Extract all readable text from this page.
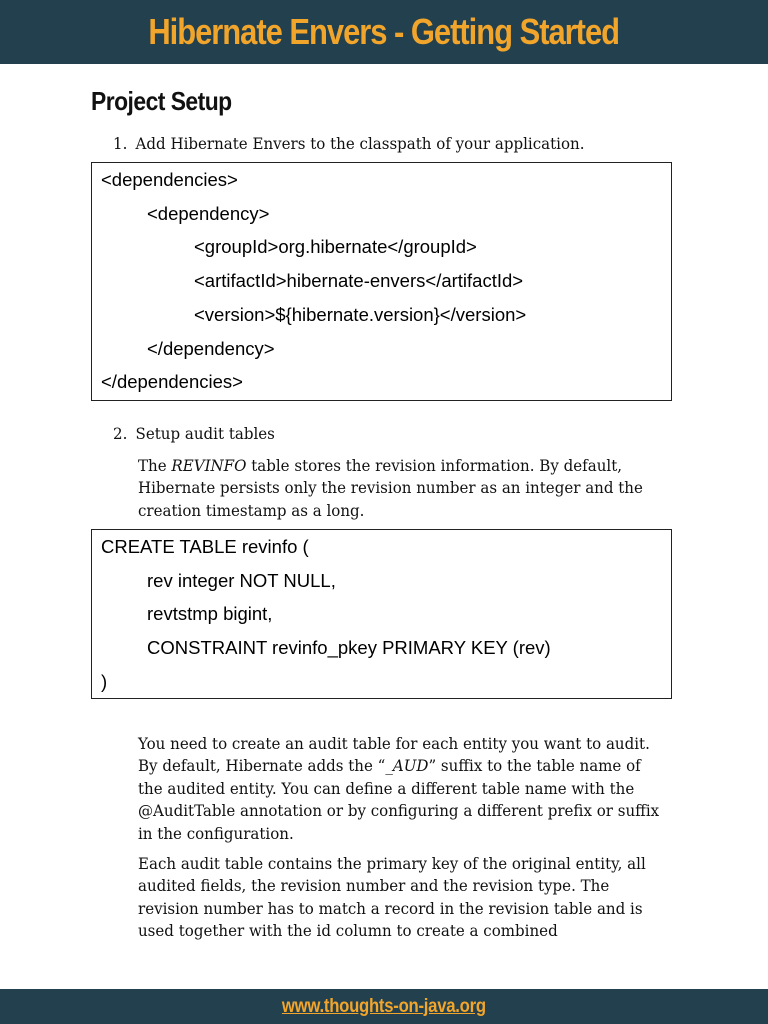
Hibernate Envers - Getting Started
Project Setup
1. Add Hibernate Envers to the classpath of your application.
<dependencies>
<dependency>
<groupId>org.hibernate</groupId>
<artifactId>hibernate-envers</artifactId>
<version>${hibernate.version}</version>
</dependency>
</dependencies>
2. Setup audit tables

The REVINFO table stores the revision information. By default, Hibernate persists only the revision number as an integer and the creation timestamp as a long.

CREATE TABLE revinfo (
rev integer NOT NULL,
revtstmp bigint,
CONSTRAINT revinfo_pkey PRIMARY KEY (rev)
)

You need to create an audit table for each entity you want to audit. By default, Hibernate adds the “_AUD” suffix to the table name of the audited entity. You can define a different table name with the @AuditTable annotation or by configuring a different prefix or suffix in the configuration.

Each audit table contains the primary key of the original entity, all audited fields, the revision number and the revision type. The revision number has to match a record in the revision table and is used together with the id column to create a combined

www.thoughts-on-java.org
